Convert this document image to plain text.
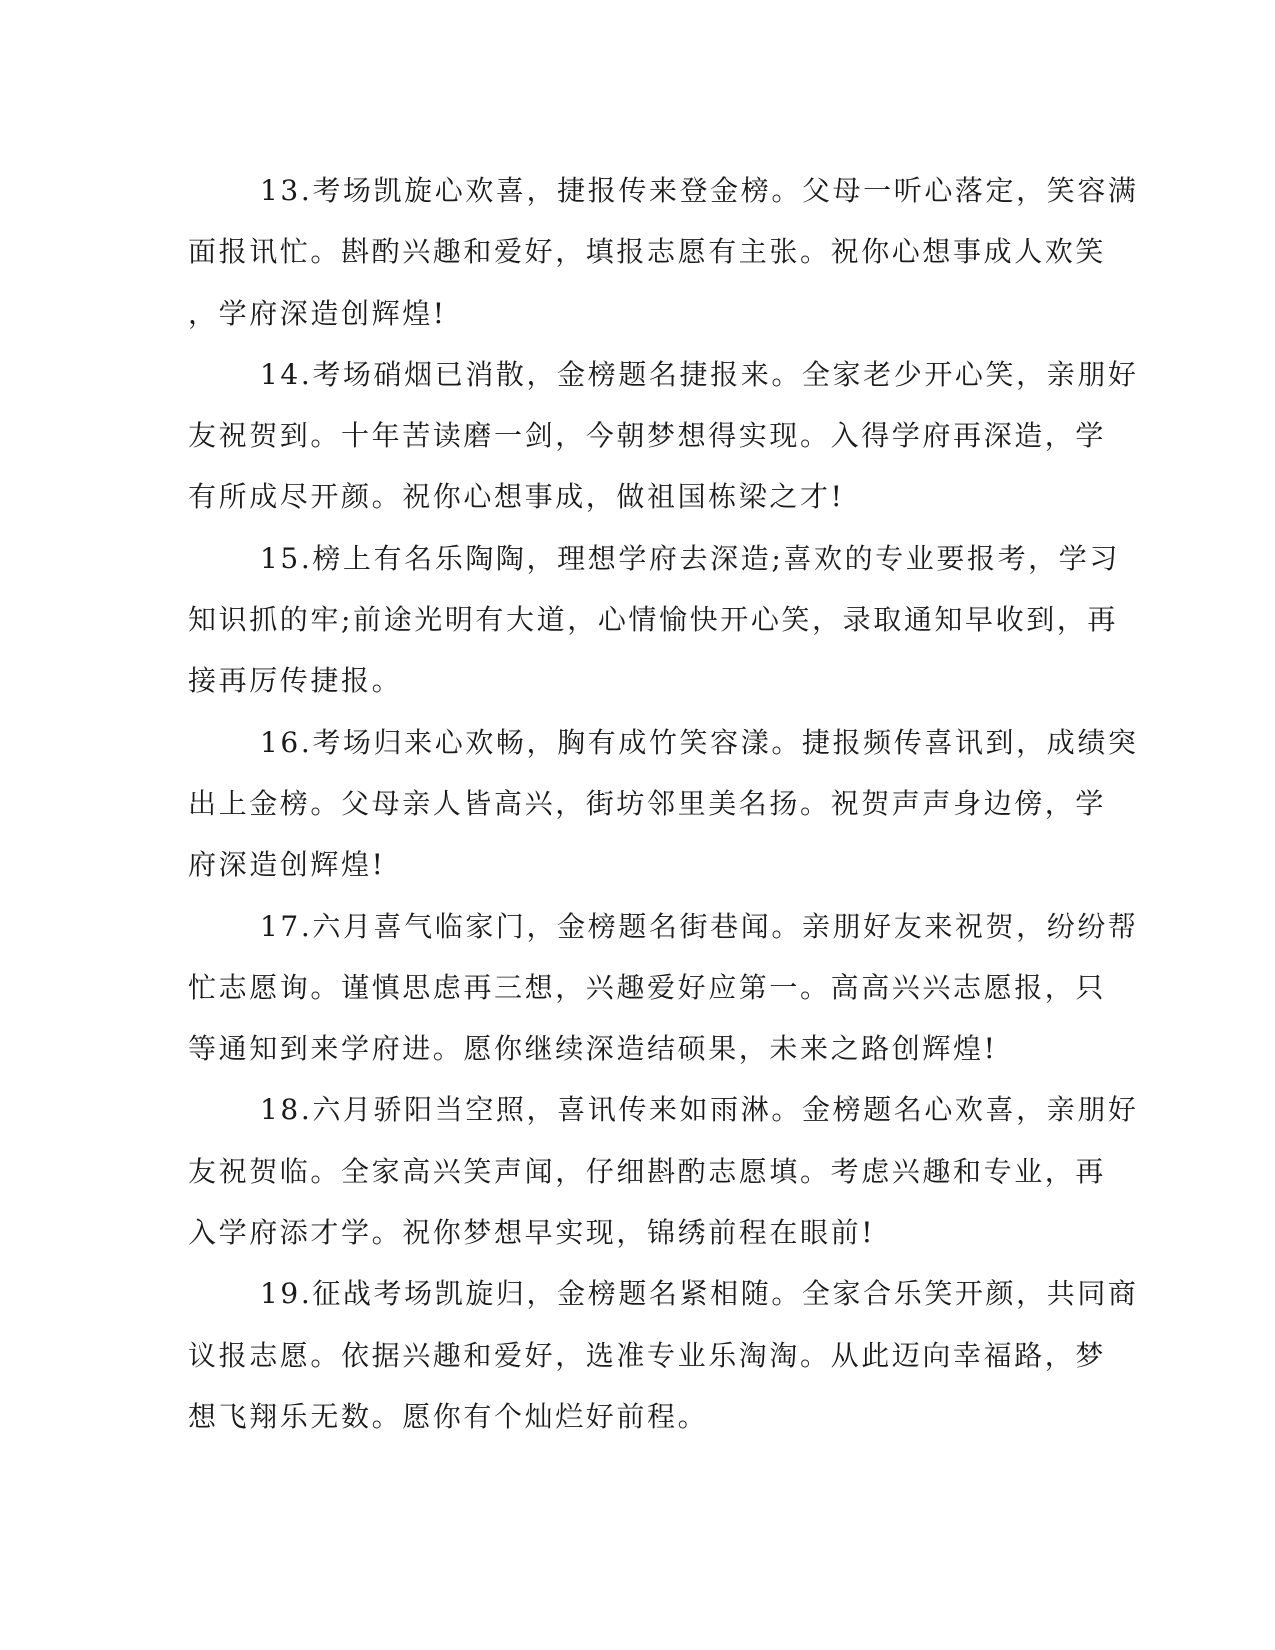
13.考场凯旋心欢喜，捷报传来登金榜。父母一听心落定，笑容满
面报讯忙。斟酌兴趣和爱好，填报志愿有主张。祝你心想事成人欢笑
，学府深造创辉煌!

14.考场硝烟已消散，金榜题名捷报来。全家老少开心笑，亲朋好
友祝贺到。十年苦读磨一剑，今朝梦想得实现。入得学府再深造，学
有所成尽开颜。祝你心想事成，做祖国栋梁之才!

15.榜上有名乐陶陶，理想学府去深造;喜欢的专业要报考，学习
知识抓的牢;前途光明有大道，心情愉快开心笑，录取通知早收到，再
接再厉传捷报。

16.考场归来心欢畅，胸有成竹笑容漾。捷报频传喜讯到，成绩突
出上金榜。父母亲人皆高兴，街坊邻里美名扬。祝贺声声身边傍，学
府深造创辉煌!

17.六月喜气临家门，金榜题名街巷闻。亲朋好友来祝贺，纷纷帮
忙志愿询。谨慎思虑再三想，兴趣爱好应第一。高高兴兴志愿报，只
等通知到来学府进。愿你继续深造结硕果，未来之路创辉煌!

18.六月骄阳当空照，喜讯传来如雨淋。金榜题名心欢喜，亲朋好
友祝贺临。全家高兴笑声闻，仔细斟酌志愿填。考虑兴趣和专业，再
入学府添才学。祝你梦想早实现，锦绣前程在眼前!

19.征战考场凯旋归，金榜题名紧相随。全家合乐笑开颜，共同商
议报志愿。依据兴趣和爱好，选准专业乐淘淘。从此迈向幸福路，梦
想飞翔乐无数。愿你有个灿烂好前程。
